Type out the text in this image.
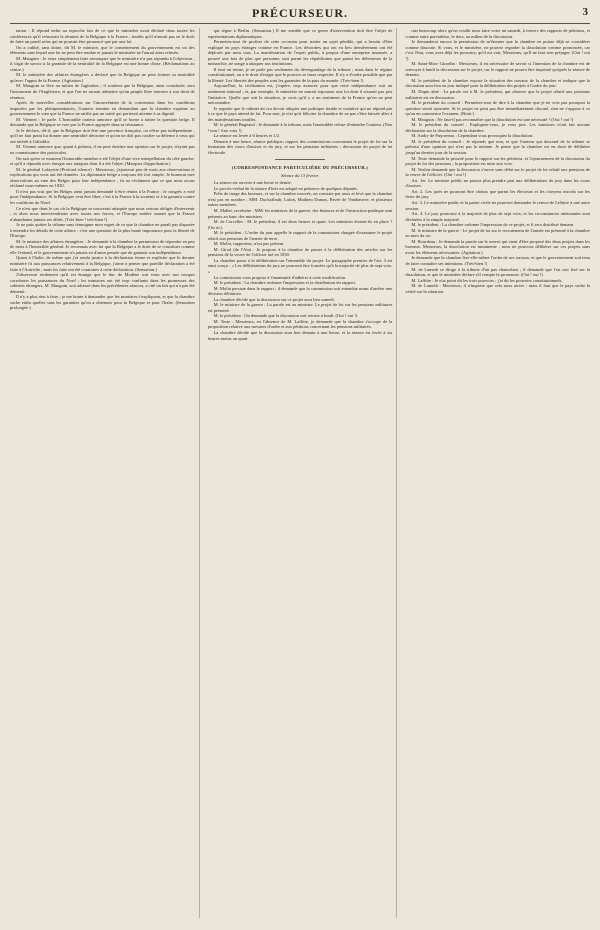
PRÉCURSEUR.	3

tation : Il répond enfin au reproche fait de ce que le ministère avait déclaré dans toutes les conférences qu'il refuserait la réunion de la Belgique à la France ; fondés qu'il n'aurait pas eu le droit de faire un pareil refus qui ne pouvait être prononcé que par une loi.

On a oublié, sans doute, dit M. le ministre, que le consentement du gouvernement est un des éléments sans lequel une loi ne peut être rendue et jamais le ministère ne l'aurait ainsi refusée.

M. Mauguin : Je veux simplement faire remarquer que le ministère n'a pas répondu à l'objection ; il s'agit de savoir si la garantie de la neutralité de la Belgique est une bonne chose. (Réclamations au centre.)

M. le ministère des affaires étrangères a déclaré que la Belgique ne peut former sa neutralité qu'avec l'appui de la France. (Agitation.)

M. Mauguin se lève au milieu de l'agitation ; il soutient que la Belgique, ainsi constituée, sera l'instrument de l'Angleterre, et que l'on ne saurait admettre qu'un peuple libre renonce à son droit de réunion.

Après de nouvelles considérations sur l'inconvénient de la convention dans les conditions imposées par les plénipotentiaires, l'orateur termine en demandant que la chambre exprime au gouvernement le vœu que la France ne ratifie pas un traité qui porterait atteinte à sa dignité.

M. Viennet : Je parle. L'honorable orateur annonce qu'il se borne à traiter la question belge. Il demande que la Belgique se voie par la France appuyée dans sa résistance.

Je le déclare, dit-il, que la Belgique doit être une province française, ou n'être pas indépendante ; qu'il ne faut point lui donner une neutralité dérisoire et qu'on ne doit pas confier sa défense à ceux qui ont intérêt à l'affaiblir.

M. Viennet annonce que, quant à présent, il ne peut émettre une opinion sur le projet, n'ayant pas eu connaissance des protocoles.

On sait qu'en ce moment l'honorable membre a été l'objet d'une vive interpellation du côté gauche, et qu'il a répondu avec énergie aux attaques dont il a été l'objet. (Marques d'approbation.)

M. le général Lafayette (Profond silence) : Messieurs, j'ajouterai peu de mots aux observations et explications qui vous ont été données. La diplomatie belge a toujours été fort simple. Je bornerai mes observations au vœu des Belges pour leur indépendance ; ils ne réclament que ce que nous avons réclamé nous-mêmes en 1830.

Il n'est pas vrai que les Belges aient jamais demandé à être réunis à la France ; le congrès a voté pour l'indépendance. Si la Belgique veut être libre, c'est à la France à la soutenir et à la garantir contre les coalitions du Nord.

Ce n'est que dans le cas où la Belgique se trouverait attaquée que nous serions obligés d'intervenir ; et alors nous interviendrions avec toutes nos forces, et l'Europe entière saurait que la France n'abandonne jamais ses alliés. (Très-bien ! très-bien !)

Je ne puis quitter la tribune sans témoigner mon regret de ce que la chambre ne paraît pas disposée à entendre les détails de cette affaire ; c'est une question de la plus haute importance pour la liberté de l'Europe.

M. le ministre des affaires étrangères : Je demande à la chambre la permission de répondre en peu de mots à l'honorable général. Je reconnais avec lui que la Belgique a le droit de se constituer comme elle l'entend, et le gouvernement n'a jamais eu d'autre pensée que de garantir son indépendance.

Quant à l'Italie, de même que j'ai rendu justice à la déclaration ferme et explicite que le dernier ministère fit aux puissances relativement à la Belgique, j'aime à penser que pareille déclaration a été faite à l'Autriche ; mais les faits ont été contraires à cette déclaration. (Sensation.)

J'observerai seulement qu'il est étrange que le duc de Modène soit venu avec nos troupes corroborer les puissances du Nord ; les ministres ont été trop confiants dans les promesses des cabinets étrangers. M. Mauguin, soit adressé dans les précédentes séances, a cité un fait qui n'a pas été démenti.

Il n'y a plus rien à faire ; je me borne à demander que les ministres s'expliquent, et que la chambre sache enfin quelles sont les garanties qu'on a obtenues pour la Belgique et pour l'Italie. (Sensation prolongée.)

qui règne à Berlin. (Sensation.) Il me semble que ce genre d'intervention doit être l'objet de représentations diplomatiques.

Permettez-moi de profiter de cette occasion pour traiter un sujet pénible, qui a besoin d'être expliqué en pays étranger comme en France. Les désordres qui ont eu lieu dernièrement ont été déplorés par nous tous. La manifestation de l'esprit public, à propos d'une entreprise insensée, a prouvé une fois de plus que personne, tant parmi les républicains que parmi les défenseurs de la monarchie, ne songe à attaquer nos institutions.

Il faut un terme, je ne parle pas seulement du dévergondage de la tribune ; mais dans le régime constitutionnel, on a le droit d'exiger que le pouvoir se fasse respecter. Il n'y a d'ordre possible que par la liberté. Les libertés des peuples sont les garanties de la paix du monde. (Très-bien !)

Aujourd'hui, la civilisation est, j'espère, trop avancée pour que cette indépendance soit un sentiment national ; et, par exemple, le ministère ne saurait repousser une loi dont il n'aurait pas pris l'initiative. Quelle que soit la situation, je crois qu'il y a un sentiment de la France qu'on ne peut méconnaître.

Je regrette que le cabinet ait cru devoir adopter une politique timide et craintive qui ne répond pas à ce que le pays attend de lui. Pour moi, je n'ai qu'à féliciter la chambre de ne pas s'être laissée aller à des manifestations inutiles.

M. le général Bugeaud : Je demande à la tribune, mais l'assemblée refuse d'entendre l'orateur. (Non ! non ! Aux voix !)

La séance est levée à 6 heures et 1/2.

Demain à une heure, séance publique, rapport des commissions concernant le projet de loi sur la formation des cours d'assises et du jury, et sur les pensions militaires ; discussion du projet de loi électorale.

(CORRESPONDANCE PARTICULIÈRE DU PRÉCURSEUR.)

Séance du 13 février.

La séance est ouverte à une heure et demie.

Le procès-verbal de la séance d'hier est adopté en présence de quelques députés.

Prêts de tirage des bureaux, et sur la chambre trouvée, on constate par assis et levé que la chambre n'est pas en nombre ; MM. Duchaffault, Lafon, Mathieu Dumas, Pavée de Vandœuvre, et plusieurs autres membres.

M. Mallet, secrétaire : MM. les ministres de la guerre, des finances et de l'instruction publique sont présents au banc des ministres.

M. de Corcelles : M. le président, il est deux heures et quart. Les ministres étaient-ils en place ? (On rit.)

M. le président : L'ordre du jour appelle le rapport de la commission chargée d'examiner le projet relatif aux pensions de l'armée de terre.

M. Molin, rapporteur, n'est pas présent.

M. Girod (de l'Ain) : Je propose à la chambre de passer à la délibération des articles sur les pensions de la veuve de l'officier tué en 1830.

La chambre passe à la délibération sur l'ensemble du projet. Le paragraphe premier de l'art. 3 est ainsi conçu : « Les délibérations du jury ne pourront être formées qu'à la majorité de plus de sept voix. »

La commission vous propose à l'unanimité d'adhérer à cette modification.

M. le président : La chambre ordonne l'impression et la distribution du rapport.

M. Molin persiste dans le rapport ; il demande que la commission soit entendue avant d'arrêter une décision définitive.

La chambre décide que la discussion sur ce projet aura lieu samedi.

M. le ministre de la guerre : La parole est au ministre. Le projet de loi sur les pensions militaires est présenté.

M. le président : On demande que la discussion soit remise à lundi. (Oui ! oui !)

M. Teste : Messieurs, en l'absence de M. Laffitte, je demande que la chambre s'occupe de la proposition relative aux mesures d'ordre et aux pétitions concernant les pensions militaires.

La chambre décide que la discussion aura lieu demain à une heure, et la séance est levée à six heures moins un quart.

rais beaucoup alors qu'on voulût nous faire voter un samedi, à travers des rapports de pétitions, et comme entre parenthèse, le tiers, au milieu de la discussion.

Je demanderai encore la permission de m'étonner que la chambre en puisse déjà se considérer comme dissoute. Si vous, et le ministère, ne pouvez regarder la dissolution comme prononcée, car c'est l'état, vous avez déjà les pouvoirs, qu'il est vrai, Messieurs, qu'il ne faut rien préjuger. (Oui ! oui !)

M. Saint-Marc Girardin : Messieurs, il est nécessaire de savoir si l'intention de la chambre est de renvoyer à lundi la discussion sur le projet, car le rapport ne pourra être imprimé qu'après la séance de demain.

M. le président de la chambre expose la situation des travaux de la chambre et indique que la discussion aura lieu au jour indiqué pour la délibération des projets à l'ordre du jour.

M. Dupin aîné : La parole est à M. le président, qui observe que le projet relatif aux pensions militaires est en discussion.

M. le président du conseil : Permettez-moi de dire à la chambre que je ne vois pas pourquoi la question serait ajournée. Si le projet ne peut pas être immédiatement discuté, rien ne s'oppose à ce qu'on en commence l'examen. (Bruit.)

M. Mauguin : Ne faut-il pas reconnaître que la dissolution est une nécessité ? (Oui ! oui !)

M. le président du conseil : Expliquez-vous, je vous prie. Les ministres n'ont fait aucune déclaration sur la dissolution de la chambre.

M. Audry de Puyraveau : Cependant vous provoquez la dissolution.

M. le président du conseil : Je réponds que non, et que l'orateur qui descend de la tribune se prévaut d'une opinion qui n'est pas la mienne. Je pense que la chambre est en droit de délibérer jusqu'au dernier jour de la session.

M. Teste demande la priorité pour le rapport sur les pétitions, et l'ajournement de la discussion du projet de loi des pensions ; la proposition est mise aux voix.

M. Teulon demande que la discussion s'ouvre sans délai sur le projet de loi relatif aux pensions de la veuve de l'officier. (Oui ! oui !)

Art. 1er. Le ministre public ne pourra plus prendre part aux délibérations du jury dans les cours d'assises.

Art. 2. Les jurés ne pourront être choisis que parmi les électeurs et les citoyens inscrits sur les listes du jury.

Art. 3. Le ministère public et la partie civile ne pourront demander le renvoi de l'affaire à une autre session.

Art. 4. Le jury prononce à la majorité de plus de sept voix, et les circonstances atténuantes sont déclarées à la simple majorité.

M. le président : La chambre ordonne l'impression de ce projet, et il sera distribué demain.

M. le ministre de la guerre : Le projet de loi sur le recrutement de l'armée est présenté à la chambre au nom du roi.

M. Bourdeau : Je demande la parole sur le renvoi qui vient d'être proposé des deux projets dans les bureaux. Messieurs, la dissolution est imminente ; nous ne pouvons délibérer sur ces projets sans avoir les éléments nécessaires. (Agitation.)

Je demande que la chambre fixe elle-même l'ordre de ses travaux, et que le gouvernement soit tenu de faire connaître ses intentions. (Très-bien !)

M. de Lameth se dirige à la tribune d'un pas chancelant ; il demande que l'on soit fixé sur la dissolution, et que le ministère déclare s'il compte la prononcer. (Oui ! oui !)

M. Laffitte : Je n'ai point dit les trois pouvoirs ; j'ai dit les pouvoirs constitutionnels.

M. de Lameth : Messieurs, il n'importe que cela nous arrive ; mais il faut que le pays sache la vérité sur la situation.
